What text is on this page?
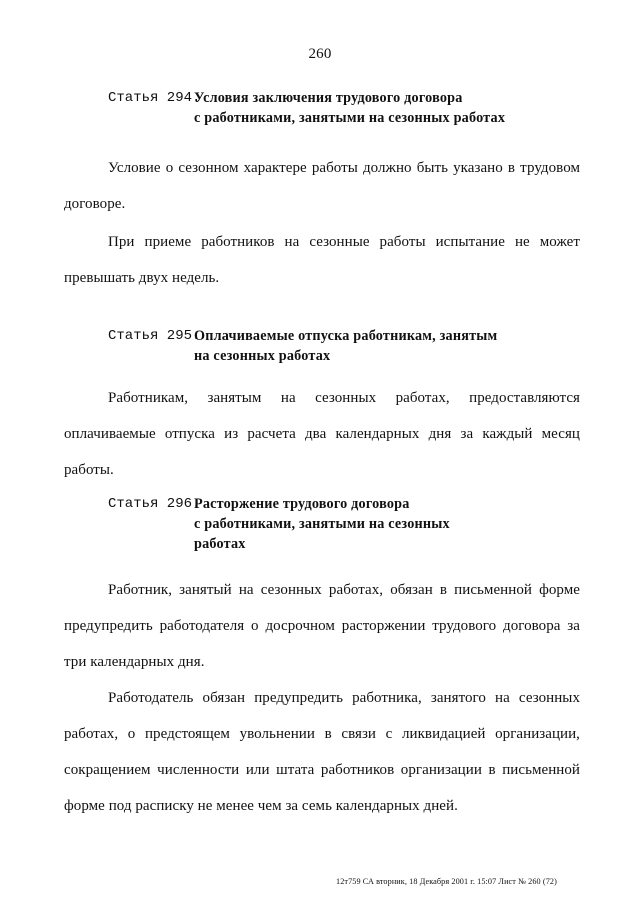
260
Статья 294.
Условия заключения трудового договора
с работниками, занятыми на сезонных работах
Условие о сезонном характере работы должно быть указано в трудовом договоре.
При приеме работников на сезонные работы испытание не может превышать двух недель.
Статья 295.
Оплачиваемые отпуска работникам, занятым
на сезонных работах
Работникам, занятым на сезонных работах, предоставляются оплачиваемые отпуска из расчета два календарных дня за каждый месяц работы.
Статья 296.
Расторжение трудового договора
с работниками, занятыми на сезонных
работах
Работник, занятый на сезонных работах, обязан в письменной форме предупредить работодателя о досрочном расторжении трудового договора за три календарных дня.
Работодатель обязан предупредить работника, занятого на сезонных работах, о предстоящем увольнении в связи с ликвидацией организации, сокращением численности или штата работников организации в письменной форме под расписку не менее чем за семь календарных дней.
12т759 СА вторник, 18 Декабря 2001 г. 15:07 Лист № 260 (72)
